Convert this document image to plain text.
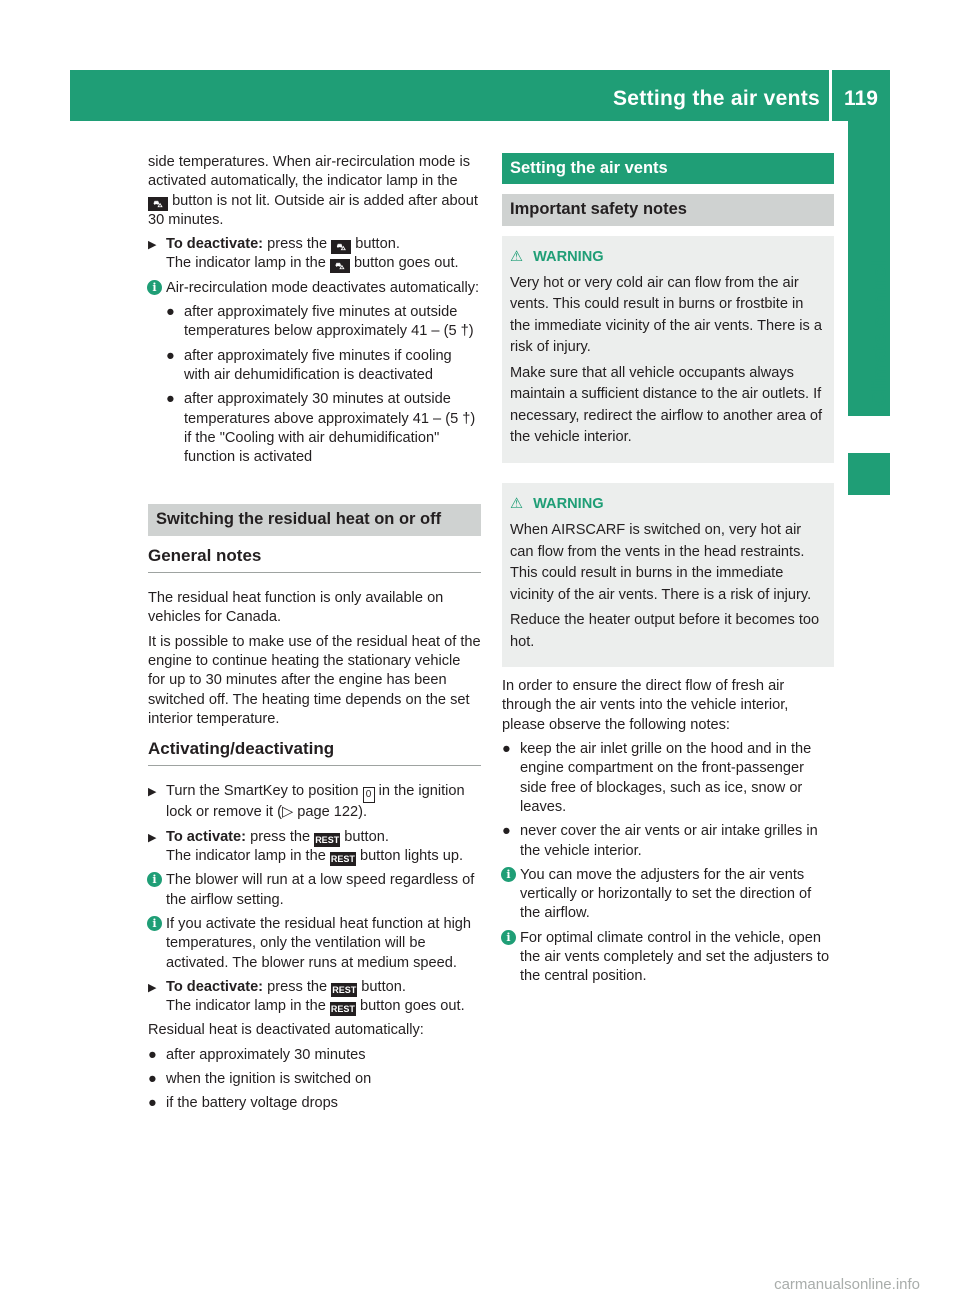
Setting the air vents	119
Climate control

side temperatures. When air-recirculation mode is activated automatically, the indicator lamp in the ⛍ button is not lit. Outside air is added after about 30 minutes.

▶ To deactivate: press the ⛍ button.
The indicator lamp in the ⛍ button goes out.
i Air-recirculation mode deactivates automatically:
● after approximately five minutes at outside temperatures below approximately 41 ‒ (5 †)
● after approximately five minutes if cooling with air dehumidification is deactivated
● after approximately 30 minutes at outside temperatures above approximately 41 ‒ (5 †) if the "Cooling with air dehumidification" function is activated
Switching the residual heat on or off
General notes

The residual heat function is only available on vehicles for Canada.

It is possible to make use of the residual heat of the engine to continue heating the stationary vehicle for up to 30 minutes after the engine has been switched off. The heating time depends on the set interior temperature.

Activating/deactivating
▶ Turn the SmartKey to position 0 in the ignition lock or remove it (▷ page 122).
▶ To activate: press the REST button.
The indicator lamp in the REST button lights up.
i The blower will run at a low speed regardless of the airflow setting.
i If you activate the residual heat function at high temperatures, only the ventilation will be activated. The blower runs at medium speed.
▶ To deactivate: press the REST button.
The indicator lamp in the REST button goes out.

Residual heat is deactivated automatically:

● after approximately 30 minutes
● when the ignition is switched on
● if the battery voltage drops
Setting the air vents
Important safety notes
⚠ WARNING

Very hot or very cold air can flow from the air vents. This could result in burns or frostbite in the immediate vicinity of the air vents. There is a risk of injury.

Make sure that all vehicle occupants always maintain a sufficient distance to the air outlets. If necessary, redirect the airflow to another area of the vehicle interior.

⚠ WARNING

When AIRSCARF is switched on, very hot air can flow from the vents in the head restraints. This could result in burns in the immediate vicinity of the air vents. There is a risk of injury.

Reduce the heater output before it becomes too hot.

In order to ensure the direct flow of fresh air through the air vents into the vehicle interior, please observe the following notes:

● keep the air inlet grille on the hood and in the engine compartment on the front-passenger side free of blockages, such as ice, snow or leaves.
● never cover the air vents or air intake grilles in the vehicle interior.
i You can move the adjusters for the air vents vertically or horizontally to set the direction of the airflow.
i For optimal climate control in the vehicle, open the air vents completely and set the adjusters to the central position.
carmanualsonline.info
